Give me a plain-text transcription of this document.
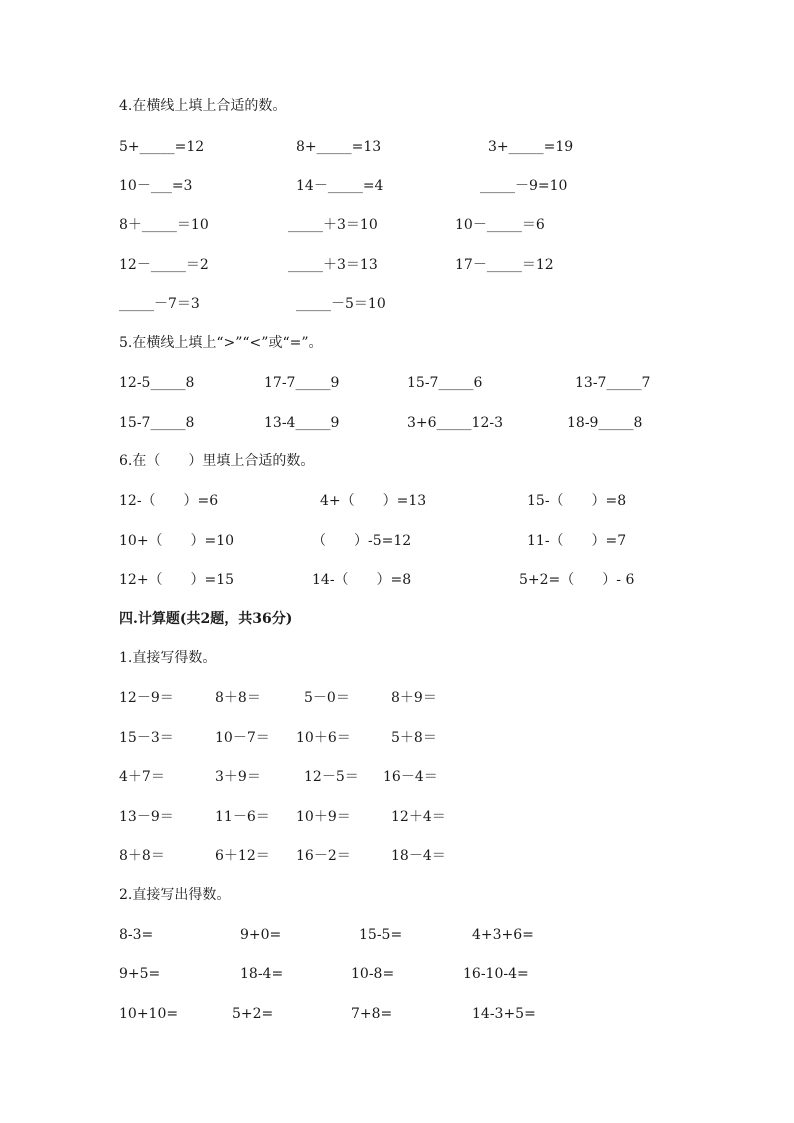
4.在横线上填上合适的数。
5+_____=12	8+_____=13	3+_____=19
10－___=3	14－_____=4	_____－9=10
8＋_____＝10	_____＋3＝10	10－_____＝6
12－_____＝2	_____＋3＝13	17－_____＝12
_____－7＝3	_____－5＝10
5.在横线上填上“>”“<”或“=”。
12-5_____8	17-7_____9	15-7_____6	13-7_____7
15-7_____8	13-4_____9	3+6_____12-3	18-9_____8
6.在（　　）里填上合适的数。
12-（　　）=6	4+（　　）=13	15-（　　）=8
10+（　　）=10	（　　）-5=12	11-（　　）=7
12+（　　）=15	14-（　　）=8	5+2=（　　）- 6
四.计算题(共2题，共36分)
1.直接写得数。
12－9＝	8＋8＝	5－0＝	8＋9＝
15－3＝	10－7＝ 10＋6＝	5＋8＝
4＋7＝	3＋9＝	12－5＝ 16－4＝
13－9＝	11－6＝ 10＋9＝	12＋4＝
8＋8＝	6＋12＝ 16－2＝	18－4＝
2.直接写出得数。
8-3=	9+0=	15-5=	4+3+6=
9+5=	18-4=	10-8=	16-10-4=
10+10=	5+2=	7+8=	14-3+5=
